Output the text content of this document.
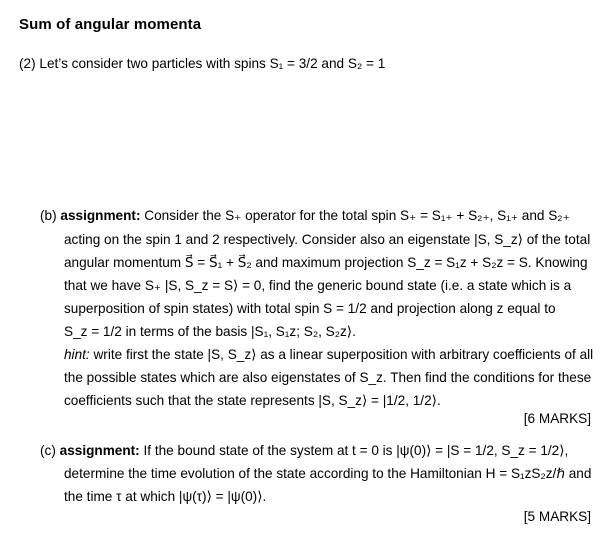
Sum of angular momenta
(2) Let’s consider two particles with spins S₁ = 3/2 and S₂ = 1
(b) assignment: Consider the S₊ operator for the total spin S₊ = S₁₊ + S₂₊, S₁₊ and S₂₊
acting on the spin 1 and 2 respectively. Consider also an eigenstate |S, S_z⟩ of the total
angular momentum S⃗ = S⃗₁ + S⃗₂ and maximum projection S_z = S₁z + S₂z = S. Knowing
that we have S₊ |S, S_z = S⟩ = 0, find the generic bound state (i.e. a state which is a
superposition of spin states) with total spin S = 1/2 and projection along z equal to
S_z = 1/2 in terms of the basis |S₁, S₁z; S₂, S₂z⟩.
hint: write first the state |S, S_z⟩ as a linear superposition with arbitrary coefficients of all
the possible states which are also eigenstates of S_z. Then find the conditions for these
coefficients such that the state represents |S, S_z⟩ = |1/2, 1/2⟩.
[6 MARKS]
(c) assignment: If the bound state of the system at t = 0 is |ψ(0)⟩ = |S = 1/2, S_z = 1/2⟩,
determine the time evolution of the state according to the Hamiltonian H = S₁zS₂z/ℏ and
the time τ at which |ψ(τ)⟩ = |ψ(0)⟩.
[5 MARKS]
